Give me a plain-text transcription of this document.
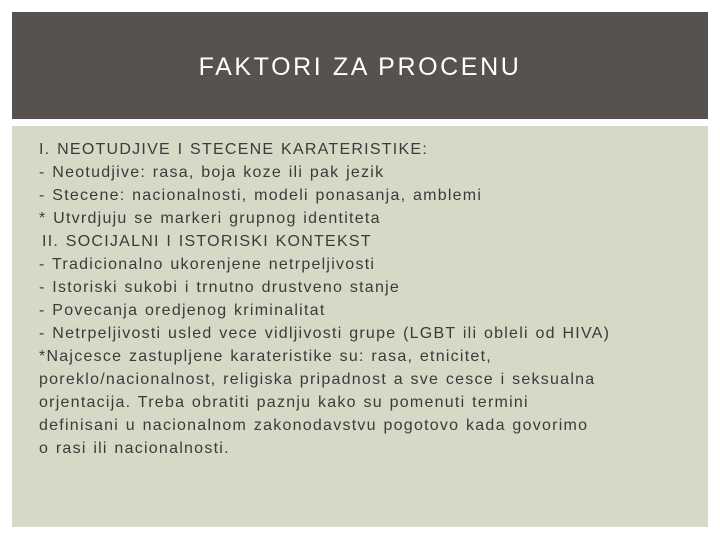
FAKTORI ZA PROCENU
I. NEOTUDJIVE I STECENE KARATERISTIKE:
- Neotudjive: rasa, boja koze ili pak jezik
- Stecene: nacionalnosti, modeli ponasanja, amblemi
* Utvrdjuju se markeri grupnog identiteta
II. SOCIJALNI I ISTORISKI KONTEKST
- Tradicionalno ukorenjene netrpeljivosti
- Istoriski sukobi i trnutno drustveno stanje
- Povecanja oredjenog kriminalitat
- Netrpeljivosti usled vece vidljivosti grupe (LGBT ili obleli od HIVA)
*Najcesce zastupljene karateristike su: rasa, etnicitet,
poreklo/nacionalnost, religiska pripadnost a sve cesce i seksualna
orjentacija. Treba obratiti paznju kako su pomenuti termini
definisani u nacionalnom zakonodavstvu pogotovo kada govorimo
o rasi ili nacionalnosti.
